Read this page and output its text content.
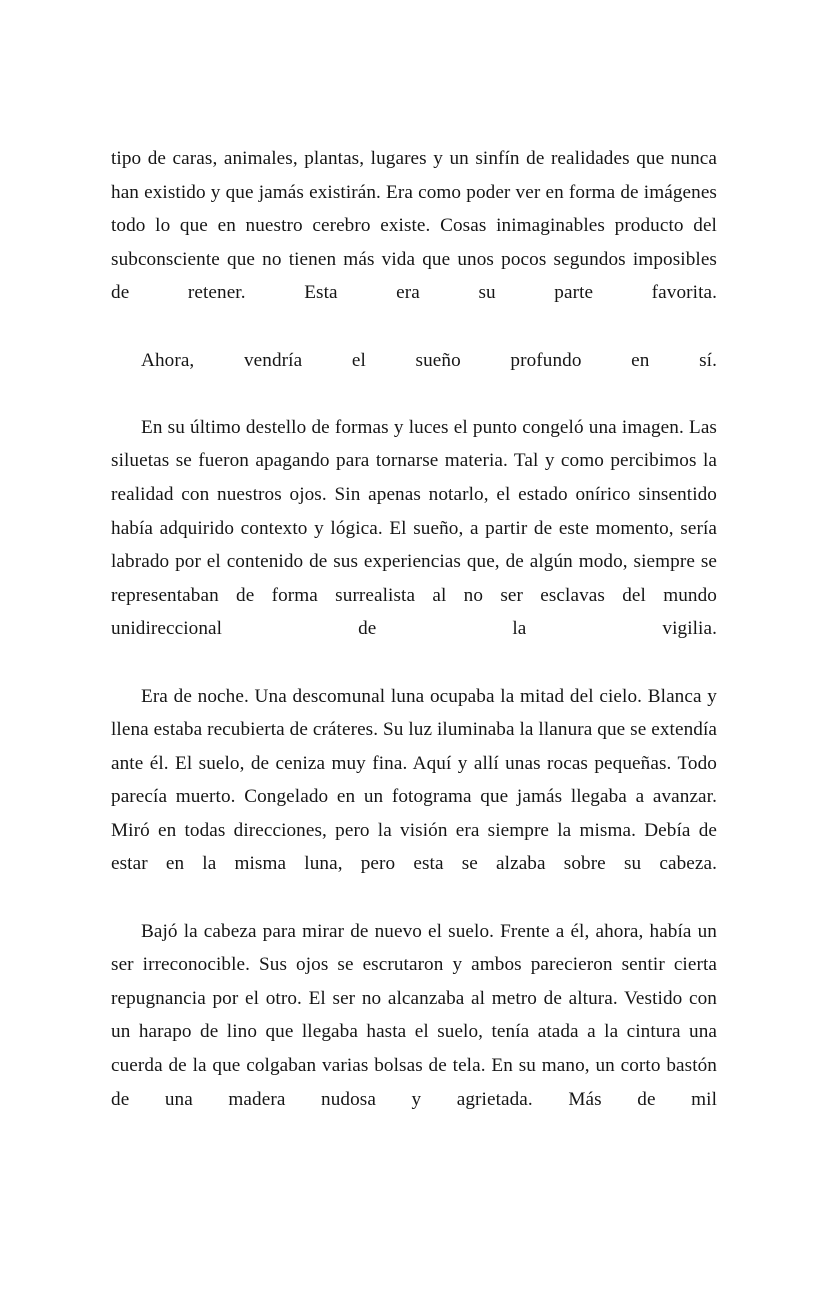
tipo de caras, animales, plantas, lugares y un sinfín de realidades que nunca han existido y que jamás existirán. Era como poder ver en forma de imágenes todo lo que en nuestro cerebro existe. Cosas inimaginables producto del subconsciente que no tienen más vida que unos pocos segundos imposibles de retener. Esta era su parte favorita.

Ahora, vendría el sueño profundo en sí.

En su último destello de formas y luces el punto congeló una imagen. Las siluetas se fueron apagando para tornarse materia. Tal y como percibimos la realidad con nuestros ojos. Sin apenas notarlo, el estado onírico sinsentido había adquirido contexto y lógica. El sueño, a partir de este momento, sería labrado por el contenido de sus experiencias que, de algún modo, siempre se representaban de forma surrealista al no ser esclavas del mundo unidireccional de la vigilia.

Era de noche. Una descomunal luna ocupaba la mitad del cielo. Blanca y llena estaba recubierta de cráteres. Su luz iluminaba la llanura que se extendía ante él. El suelo, de ceniza muy fina. Aquí y allí unas rocas pequeñas. Todo parecía muerto. Congelado en un fotograma que jamás llegaba a avanzar. Miró en todas direcciones, pero la visión era siempre la misma. Debía de estar en la misma luna, pero esta se alzaba sobre su cabeza.

Bajó la cabeza para mirar de nuevo el suelo. Frente a él, ahora, había un ser irreconocible. Sus ojos se escrutaron y ambos parecieron sentir cierta repugnancia por el otro. El ser no alcanzaba al metro de altura. Vestido con un harapo de lino que llegaba hasta el suelo, tenía atada a la cintura una cuerda de la que colgaban varias bolsas de tela. En su mano, un corto bastón de una madera nudosa y agrietada. Más de mil
